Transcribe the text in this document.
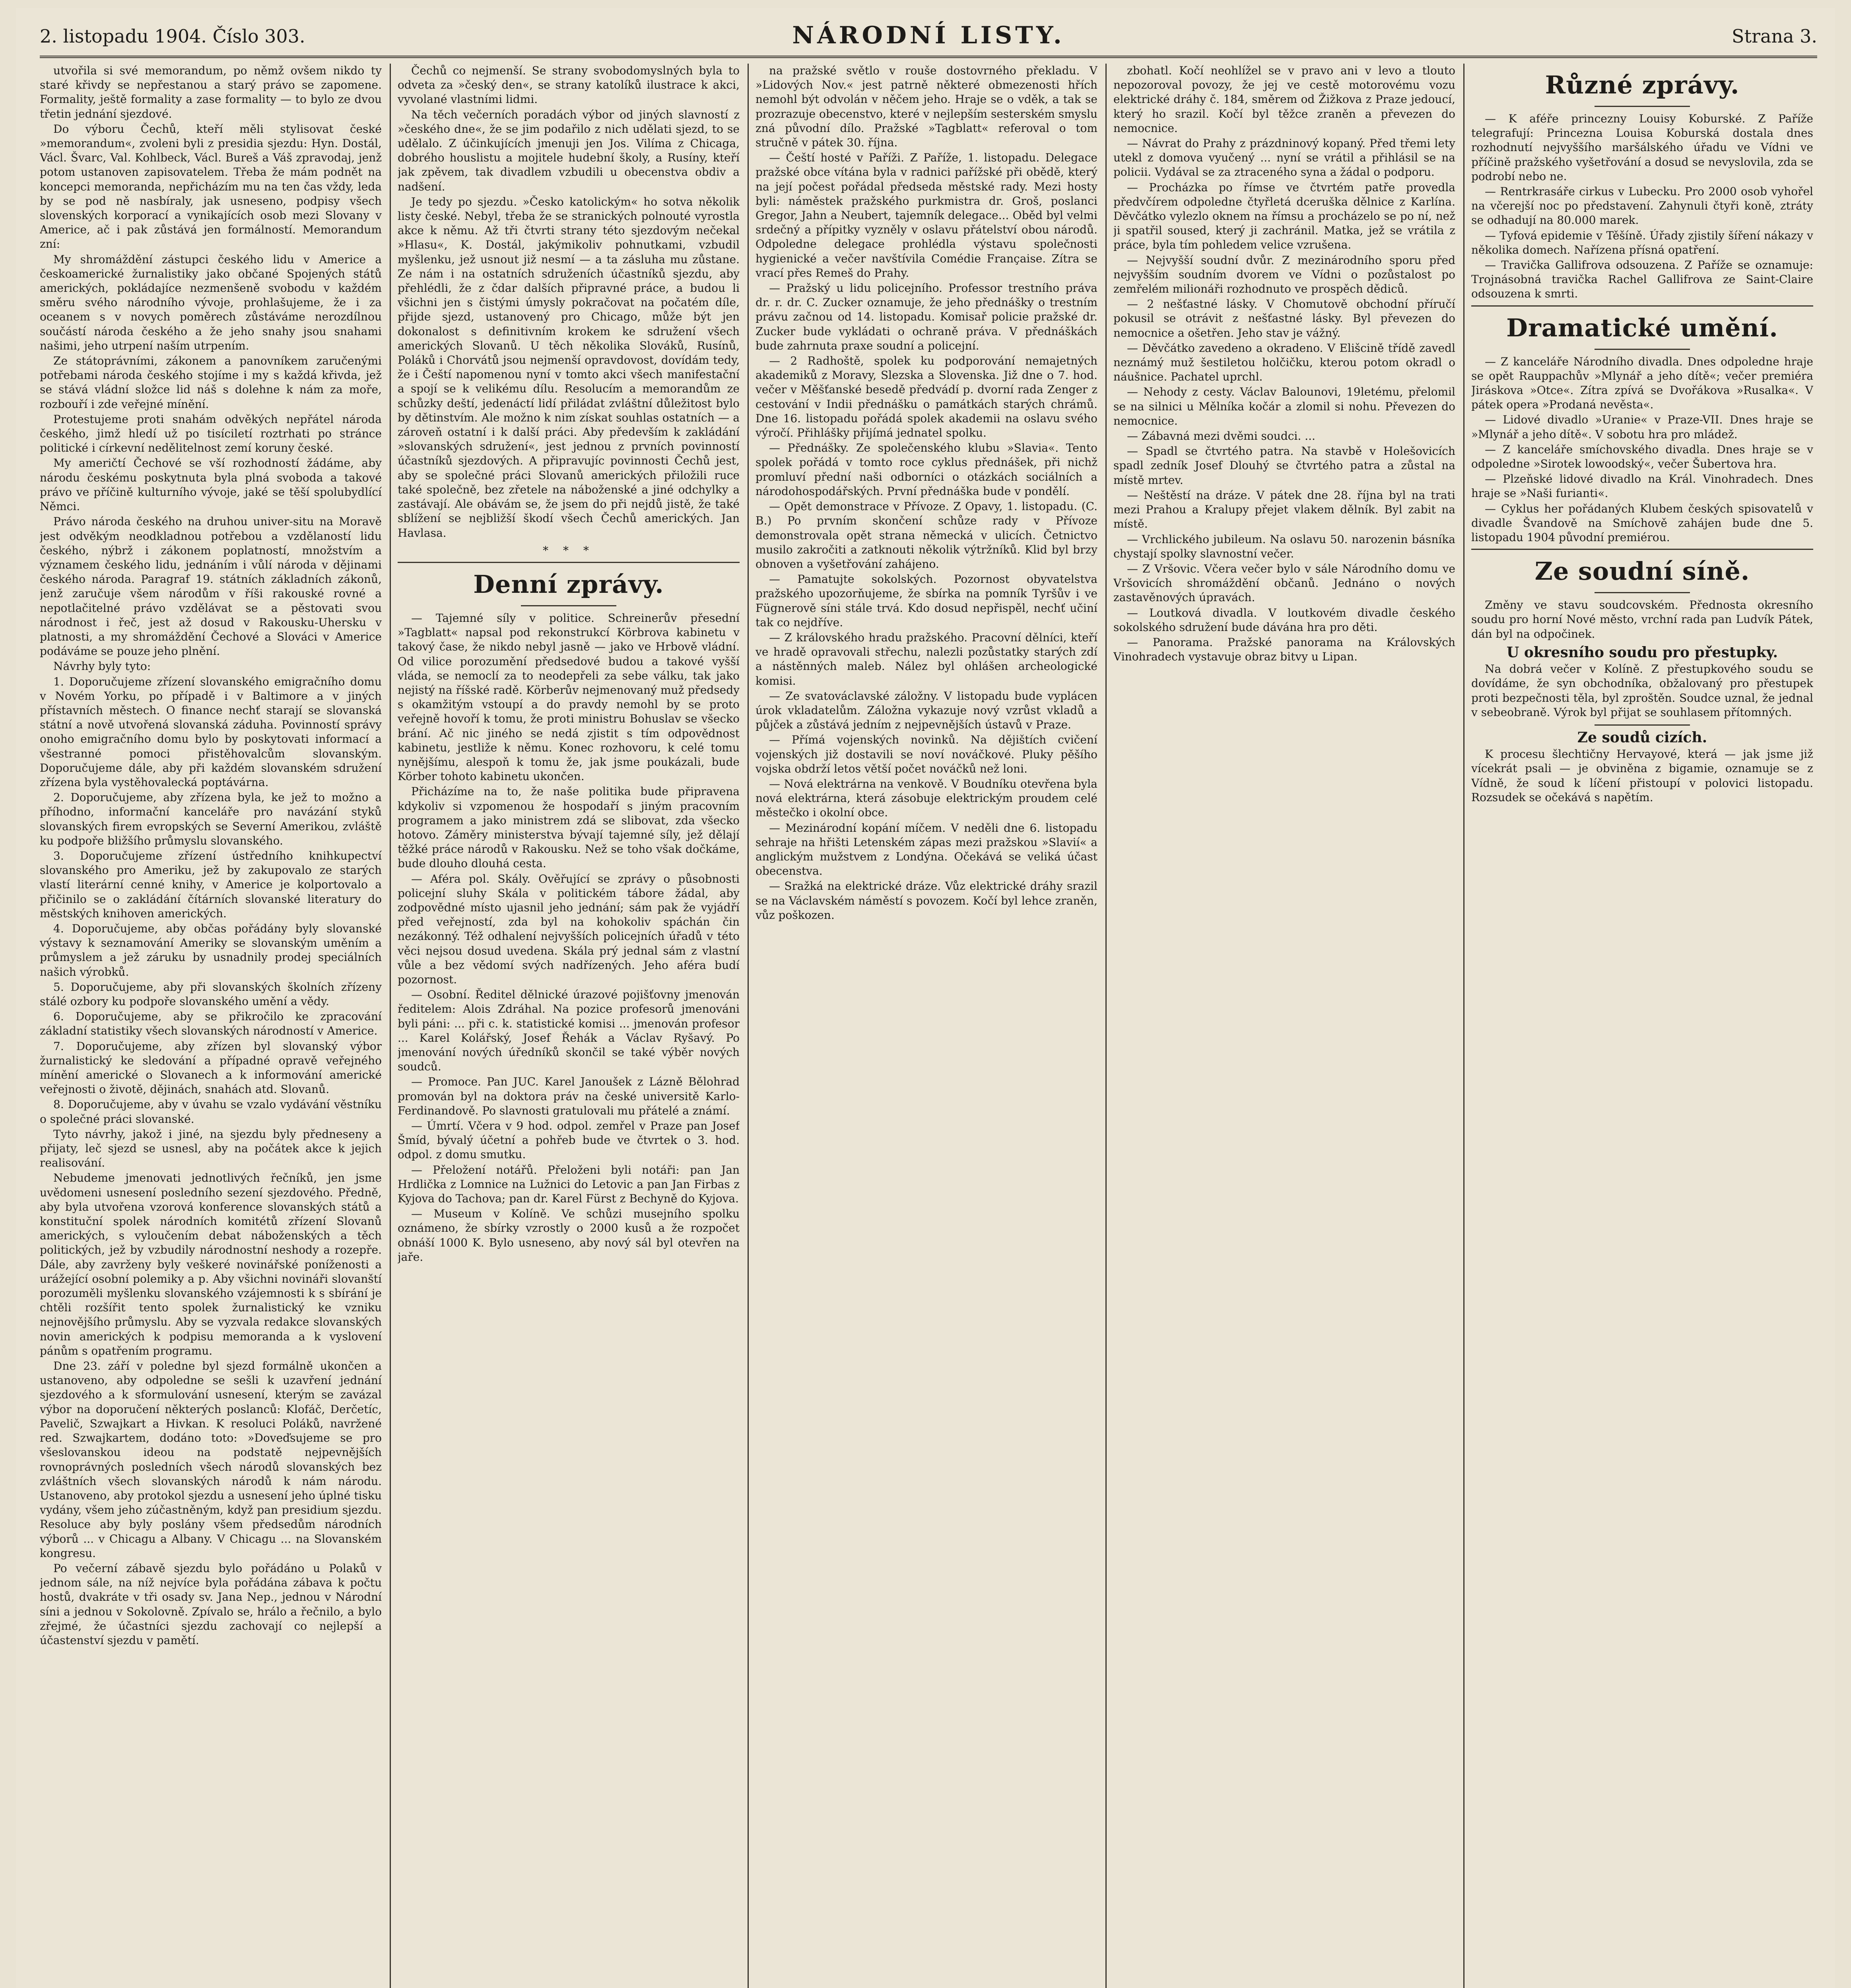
2. listopadu 1904. Číslo 303.	NÁRODNÍ LISTY.	Strana 3.

utvořila si své memorandum, po němž ovšem nikdo ty staré křivdy se nepřestanou a starý právo se zapomene. Formality, ještě formality a zase formality — to bylo ze dvou třetin jednání sjezdové.

Do výboru Čechů, kteří měli stylisovat české »memorandum«, zvoleni byli z presidia sjezdu: Hyn. Dostál, Václ. Švarc, Val. Kohlbeck, Václ. Bureš a Váš zpravodaj, jenž potom ustanoven zapisovatelem. Třeba že mám podnět na koncepci memoranda, nepřicházím mu na ten čas vždy, leda by se pod ně nasbíraly, jak usneseno, podpisy všech slovenských korporací a vynikajících osob mezi Slovany v Americe, ač i pak zůstává jen formálností. Memorandum zní:

My shromáždění zástupci českého lidu v Americe a českoamerické žurnalistiky jako občané Spojených států amerických, pokládajíce nezmenšeně svobodu v každém směru svého národního vývoje, prohlašujeme, že i za oceanem s v novych poměrech zůstáváme nerozdílnou součástí národa českého a že jeho snahy jsou snahami našimi, jeho utrpení naším utrpením.

Ze státoprávními, zákonem a panovníkem zaručenými potřebami národa českého stojíme i my s každá křivda, jež se stává vládní složce lid náš s dolehne k nám za moře, rozbouří i zde veřejné mínění.

Protestujeme proti snahám odvěkých nepřátel národa českého, jimž hledí už po tisíciletí roztrhati po stránce politické i církevní nedělitelnost zemí koruny české.

My američtí Čechové se vší rozhodností žádáme, aby národu českému poskytnuta byla plná svoboda a takové právo ve příčině kulturního vývoje, jaké se těší spolubydlící Němci.

Právo národa českého na druhou univer-situ na Moravě jest odvěkým neodkladnou potřebou a vzdělaností lidu českého, nýbrž i zákonem poplatností, množstvím a významem českého lidu, jednáním i vůlí národa v dějinami českého národa. Paragraf 19. státních základních zákonů, jenž zaručuje všem národům v říši rakouské rovné a nepotlačitelné právo vzdělávat se a pěstovati svou národnost i řeč, jest až dosud v Rakousku-Uhersku v platnosti, a my shromáždění Čechové a Slováci v Americe podáváme se pouze jeho plnění.

Návrhy byly tyto:

1. Doporučujeme zřízení slovanského emigračního domu v Novém Yorku, po případě i v Baltimore a v jiných přístavních městech. O finance nechť starají se slovanská státní a nově utvořená slovanská záduha. Povinností správy onoho emigračního domu bylo by poskytovati informací a všestranné pomoci přistěhovalcům slovanským. Doporučujeme dále, aby při každém slovanském sdružení zřízena byla vystěhovalecká poptávárna.

2. Doporučujeme, aby zřízena byla, ke jež to možno a příhodno, informační kanceláře pro navázání styků slovanských firem evropských se Severní Amerikou, zvláště ku podpoře bližšího průmyslu slovanského.

3. Doporučujeme zřízení ústředního knihkupectví slovanského pro Ameriku, jež by zakupovalo ze starých vlastí literární cenné knihy, v Americe je kolportovalo a přičinilo se o zakládání čítárních slovanské literatury do městských knihoven amerických.

4. Doporučujeme, aby občas pořádány byly slovanské výstavy k seznamování Ameriky se slovanským uměním a průmyslem a jež záruku by usnadnily prodej speciálních našich výrobků.

5. Doporučujeme, aby při slovanských školních zřízeny stálé ozbory ku podpoře slovanského umění a vědy.

6. Doporučujeme, aby se přikročilo ke zpracování základní statistiky všech slovanských národností v Americe.

7. Doporučujeme, aby zřízen byl slovanský výbor žurnalistický ke sledování a případné opravě veřejného mínění americké o Slovanech a k informování americké veřejnosti o životě, dějinách, snahách atd. Slovanů.

8. Doporučujeme, aby v úvahu se vzalo vydávání věstníku o společné práci slovanské.

Tyto návrhy, jakož i jiné, na sjezdu byly předneseny a přijaty, leč sjezd se usnesl, aby na počátek akce k jejich realisování.

Nebudeme jmenovati jednotlivých řečníků, jen jsme uvědomeni usnesení posledního sezení sjezdového. Předně, aby byla utvořena vzorová konference slovanských států a konstituční spolek národních komitétů zřízení Slovanů amerických, s vyloučením debat náboženských a těch politických, jež by vzbudily národnostní neshody a rozepře. Dále, aby zavrženy byly veškeré novinářské poníženosti a urážející osobní polemiky a p. Aby všichni novináři slovanští porozuměli myšlenku slovanského vzájemnosti k s sbírání je chtěli rozšířit tento spolek žurnalistický ke vzniku nejnovějšího průmyslu. Aby se vyzvala redakce slovanských novin amerických k podpisu memoranda a k vyslovení pánům s opatřením programu.

Dne 23. září v poledne byl sjezd formálně ukončen a ustanoveno, aby odpoledne se sešli k uzavření jednání sjezdového a k sformulování usnesení, kterým se zavázal výbor na doporučení některých poslanců: Klofáč, Derčetíc, Pavelič, Szwajkart a Hivkan. K resoluci Poláků, navržené red. Szwajkartem, dodáno toto: »Doveďsujeme se pro všeslovanskou ideou na podstatě nejpevnějších rovnoprávných posledních všech národů slovanských bez zvláštních všech slovanských národů k nám národu. Ustanoveno, aby protokol sjezdu a usnesení jeho úplné tisku vydány, všem jeho zúčastněným, když pan presidium sjezdu. Resoluce aby byly poslány všem předsedům národních výborů ... v Chicagu a Albany. V Chicagu ... na Slovanském kongresu.

Po večerní zábavě sjezdu bylo pořádáno u Polaků v jednom sále, na níž nejvíce byla pořádána zábava k počtu hostů, dvakráte v tři osady sv. Jana Nep., jednou v Národní síni a jednou v Sokolovně. Zpívalo se, hrálo a řečnilo, a bylo zřejmé, že účastníci sjezdu zachovají co nejlepší a účastenství sjezdu v pamětí.

Čechů co nejmenší. Se strany svobodomyslných byla to odveta za »český den«, se strany katolíků ilustrace k akci, vyvolané vlastními lidmi.

Na těch večerních poradách výbor od jiných slavností z »českého dne«, že se jim podařilo z nich udělati sjezd, to se udělalo. Z účinkujících jmenuji jen Jos. Vilíma z Chicaga, dobrého houslistu a mojitele hudební školy, a Rusíny, kteří jak zpěvem, tak divadlem vzbudili u obecenstva obdiv a nadšení.

Je tedy po sjezdu. »Česko katolickým« ho sotva několik listy české. Nebyl, třeba že se stranických polnouté vyrostla akce k němu. Až tři čtvrti strany této sjezdovým nečekal »Hlasu«, K. Dostál, jakýmikoliv pohnutkami, vzbudil myšlenku, jež usnout již nesmí — a ta zásluha mu zůstane. Ze nám i na ostatních sdruženích účastníků sjezdu, aby přehlédli, že z čdar dalších připravné práce, a budou li všichni jen s čistými úmysly pokračovat na počatém díle, přijde sjezd, ustanovený pro Chicago, může být jen dokonalost s definitivním krokem ke sdružení všech amerických Slovanů. U těch několika Slováků, Rusínů, Poláků i Chorvátů jsou nejmenší opravdovost, dovídám tedy, že i Čeští napomenou nyní v tomto akci všech manifestační a spojí se k velikému dílu. Resolucím a memorandům ze schůzky deští, jedenáctí lidí přiládat zvláštní důležitost bylo by dětinstvím. Ale možno k nim získat souhlas ostatních — a zároveň ostatní i k další práci. Aby především k zakládání »slovanských sdružení«, jest jednou z prvních povinností účastníků sjezdových. A připravujíc povinnosti Čechů jest, aby se společné práci Slovanů amerických přiložili ruce také společně, bez zřetele na náboženské a jiné odchylky a zastávají. Ale obávám se, že jsem do při nejdů jistě, že také sblížení se nejbližší škodí všech Čechů amerických. Jan Havlasa.

* * *
Denní zprávy.

— Tajemné síly v politice. Schreinerův přesední »Tagblatt« napsal pod rekonstrukcí Körbrova kabinetu v takový čase, že nikdo nebyl jasně — jako ve Hrbově vládní. Od vilice porozumění předsedové budou a takové vyšší vláda, se nemoclí za to neodepřeli za sebe válku, tak jako nejistý na říšské radě. Körberův nejmenovaný muž předsedy s okamžitým vstoupí a do pravdy nemohl by se proto veřejně hovoří k tomu, že proti ministru Bohuslav se všecko brání. Ač nic jiného se nedá zjistit s tím odpovědnost kabinetu, jestliže k němu. Konec rozhovoru, k celé tomu nynějšímu, alespoň k tomu že, jak jsme poukázali, bude Körber tohoto kabinetu ukončen.

Přicházíme na to, že naše politika bude připravena kdykoliv si vzpomenou že hospodaří s jiným pracovním programem a jako ministrem zdá se slibovat, zda všecko hotovo. Záměry ministerstva bývají tajemné síly, jež dělají těžké práce národů v Rakousku. Než se toho však dočkáme, bude dlouho dlouhá cesta.

— Aféra pol. Skály. Ověřující se zprávy o působnosti policejní sluhy Skála v politickém tábore žádal, aby zodpovědné místo ujasnil jeho jednání; sám pak že vyjádří před veřejností, zda byl na kohokoliv spáchán čin nezákonný. Též odhalení nejvyšších policejních úřadů v této věci nejsou dosud uvedena. Skála prý jednal sám z vlastní vůle a bez vědomí svých nadřízených. Jeho aféra budí pozornost.

— Osobní. Ředitel dělnické úrazové pojišťovny jmenován ředitelem: Alois Zdráhal. Na pozice profesorů jmenováni byli páni: ... při c. k. statistické komisi ... jmenován profesor ... Karel Kolářský, Josef Řehák a Václav Ryšavý. Po jmenování nových úředníků skončil se také výběr nových soudců.

— Promoce. Pan JUC. Karel Janoušek z Lázně Bělohrad promován byl na doktora práv na české universitě Karlo-Ferdinandově. Po slavnosti gratulovali mu přátelé a známí.

— Úmrtí. Včera v 9 hod. odpol. zemřel v Praze pan Josef Šmíd, bývalý účetní a pohřeb bude ve čtvrtek o 3. hod. odpol. z domu smutku.

— Přeložení notářů. Přeloženi byli notáři: pan Jan Hrdlička z Lomnice na Lužnici do Letovic a pan Jan Firbas z Kyjova do Tachova; pan dr. Karel Fürst z Bechyně do Kyjova.

— Museum v Kolíně. Ve schůzi musejního spolku oznámeno, že sbírky vzrostly o 2000 kusů a že rozpočet obnáší 1000 K. Bylo usneseno, aby nový sál byl otevřen na jaře.

na pražské světlo v rouše dostovrného překladu. V »Lidových Nov.« jest patrně některé obmezenosti hřích nemohl být odvolán v něčem jeho. Hraje se o vděk, a tak se prozrazuje obecenstvo, které v nejlepším sesterském smyslu zná původní dílo. Pražské »Tagblatt« referoval o tom stručně v pátek 30. října.

— Čeští hosté v Paříži. Z Paříže, 1. listopadu. Delegace pražské obce vítána byla v radnici pařížské při obědě, který na její počest pořádal předseda městské rady. Mezi hosty byli: náměstek pražského purkmistra dr. Groš, poslanci Gregor, Jahn a Neubert, tajemník delegace... Oběd byl velmi srdečný a přípitky vyzněly v oslavu přátelství obou národů. Odpoledne delegace prohlédla výstavu společnosti hygienické a večer navštívila Comédie Française. Zítra se vrací přes Remeš do Prahy.

— Pražský u lidu policejního. Professor trestního práva dr. r. dr. C. Zucker oznamuje, že jeho přednášky o trestním právu začnou od 14. listopadu. Komisař policie pražské dr. Zucker bude vykládati o ochraně práva. V přednáškách bude zahrnuta praxe soudní a policejní.

— 2 Radhoště, spolek ku podporování nemajetných akademiků z Moravy, Slezska a Slovenska. Již dne o 7. hod. večer v Měšťanské besedě předvádí p. dvorní rada Zenger z cestování v Indii přednášku o památkách starých chrámů. Dne 16. listopadu pořádá spolek akademii na oslavu svého výročí. Přihlášky přijímá jednatel spolku.

— Přednášky. Ze společenského klubu »Slavia«. Tento spolek pořádá v tomto roce cyklus přednášek, při nichž promluví přední naši odborníci o otázkách sociálních a národohospodářských. První přednáška bude v pondělí.

— Opět demonstrace v Přívoze. Z Opavy, 1. listopadu. (C. B.) Po prvním skončení schůze rady v Přívoze demonstrovala opět strana německá v ulicích. Četnictvo musilo zakročiti a zatknouti několik výtržníků. Klid byl brzy obnoven a vyšetřování zahájeno.

— Pamatujte sokolských. Pozornost obyvatelstva pražského upozorňujeme, že sbírka na pomník Tyršův i ve Fügnerově síni stále trvá. Kdo dosud nepřispěl, nechť učiní tak co nejdříve.

— Z královského hradu pražského. Pracovní dělníci, kteří ve hradě opravovali střechu, nalezli pozůstatky starých zdí a nástěnných maleb. Nález byl ohlášen archeologické komisi.

— Ze svatováclavské záložny. V listopadu bude vyplácen úrok vkladatelům. Záložna vykazuje nový vzrůst vkladů a půjček a zůstává jedním z nejpevnějších ústavů v Praze.

— Přímá vojenských novinků. Na dějištích cvičení vojenských již dostavili se noví nováčkové. Pluky pěšího vojska obdrží letos větší počet nováčků než loni.

— Nová elektrárna na venkově. V Boudníku otevřena byla nová elektrárna, která zásobuje elektrickým proudem celé městečko i okolní obce.

— Mezinárodní kopání míčem. V neděli dne 6. listopadu sehraje na hřišti Letenském zápas mezi pražskou »Slavií« a anglickým mužstvem z Londýna. Očekává se veliká účast obecenstva.

— Sražká na elektrické dráze. Vůz elektrické dráhy srazil se na Václavském náměstí s povozem. Kočí byl lehce zraněn, vůz poškozen.

zbohatl. Kočí neohlížel se v pravo ani v levo a tlouto nepozoroval povozy, že jej ve cestě motorovému vozu elektrické dráhy č. 184, směrem od Žižkova z Praze jedoucí, který ho srazil. Kočí byl těžce zraněn a převezen do nemocnice.

— Návrat do Prahy z prázdninový kopaný. Před třemi lety utekl z domova vyučený ... nyní se vrátil a přihlásil se na policii. Vydával se za ztraceného syna a žádal o podporu.

— Procházka po římse ve čtvrtém patře provedla předvčírem odpoledne čtyřletá dceruška dělnice z Karlína. Děvčátko vylezlo oknem na římsu a procházelo se po ní, než ji spatřil soused, který ji zachránil. Matka, jež se vrátila z práce, byla tím pohledem velice vzrušena.

— Nejvyšší soudní dvůr. Z mezinárodního sporu před nejvyšším soudním dvorem ve Vídni o pozůstalost po zemřelém milionáři rozhodnuto ve prospěch dědiců.

— 2 nešťastné lásky. V Chomutově obchodní příručí pokusil se otrávit z nešťastné lásky. Byl převezen do nemocnice a ošetřen. Jeho stav je vážný.

— Děvčátko zavedeno a okradeno. V Elišcině třídě zavedl neznámý muž šestiletou holčičku, kterou potom okradl o náušnice. Pachatel uprchl.

— Nehody z cesty. Václav Balounovi, 19letému, přelomil se na silnici u Mělníka kočár a zlomil si nohu. Převezen do nemocnice.

— Zábavná mezi dvěmi soudci. ...

— Spadl se čtvrtého patra. Na stavbě v Holešovicích spadl zedník Josef Dlouhý se čtvrtého patra a zůstal na místě mrtev.

— Neštěstí na dráze. V pátek dne 28. října byl na trati mezi Prahou a Kralupy přejet vlakem dělník. Byl zabit na místě.

— Vrchlického jubileum. Na oslavu 50. narozenin básníka chystají spolky slavnostní večer.

— Z Vršovic. Včera večer bylo v sále Národního domu ve Vršovicích shromáždění občanů. Jednáno o nových zastavěnových úpravách.

— Loutková divadla. V loutkovém divadle českého sokolského sdružení bude dávána hra pro děti.

— Panorama. Pražské panorama na Královských Vinohradech vystavuje obraz bitvy u Lipan.

Různé zprávy.

— K aféře princezny Louisy Koburské. Z Paříže telegrafují: Princezna Louisa Koburská dostala dnes rozhodnutí nejvyššího maršálského úřadu ve Vídni ve příčině pražského vyšetřování a dosud se nevyslovila, zda se podrobí nebo ne.

— Rentrkrasáře cirkus v Lubecku. Pro 2000 osob vyhořel na včerejší noc po představení. Zahynuli čtyři koně, ztráty se odhadují na 80.000 marek.

— Tyfová epidemie v Těšíně. Úřady zjistily šíření nákazy v několika domech. Nařízena přísná opatření.

— Travička Gallifrova odsouzena. Z Paříže se oznamuje: Trojnásobná travička Rachel Gallifrova ze Saint-Claire odsouzena k smrti.

Dramatické umění.

— Z kanceláře Národního divadla. Dnes odpoledne hraje se opět Rauppachův »Mlynář a jeho dítě«; večer premiéra Jiráskova »Otce«. Zítra zpívá se Dvořákova »Rusalka«. V pátek opera »Prodaná nevěsta«.

— Lidové divadlo »Uranie« v Praze-VII. Dnes hraje se »Mlynář a jeho dítě«. V sobotu hra pro mládež.

— Z kanceláře smíchovského divadla. Dnes hraje se v odpoledne »Sirotek lowoodský«, večer Šubertova hra.

— Plzeňské lidové divadlo na Král. Vinohradech. Dnes hraje se »Naši furianti«.

— Cyklus her pořádaných Klubem českých spisovatelů v divadle Švandově na Smíchově zahájen bude dne 5. listopadu 1904 původní premiérou.

Ze soudní síně.

Změny ve stavu soudcovském. Přednosta okresního soudu pro horní Nové město, vrchní rada pan Ludvík Pátek, dán byl na odpočinek.

U okresního soudu pro přestupky.

Na dobrá večer v Kolíně. Z přestupkového soudu se dovídáme, že syn obchodníka, obžalovaný pro přestupek proti bezpečnosti těla, byl zproštěn. Soudce uznal, že jednal v sebeobraně. Výrok byl přijat se souhlasem přítomných.

Ze soudů cizích.

K procesu šlechtičny Hervayové, která — jak jsme již vícekrát psali — je obviněna z bigamie, oznamuje se z Vídně, že soud k líčení přistoupí v polovici listopadu. Rozsudek se očekává s napětím.
